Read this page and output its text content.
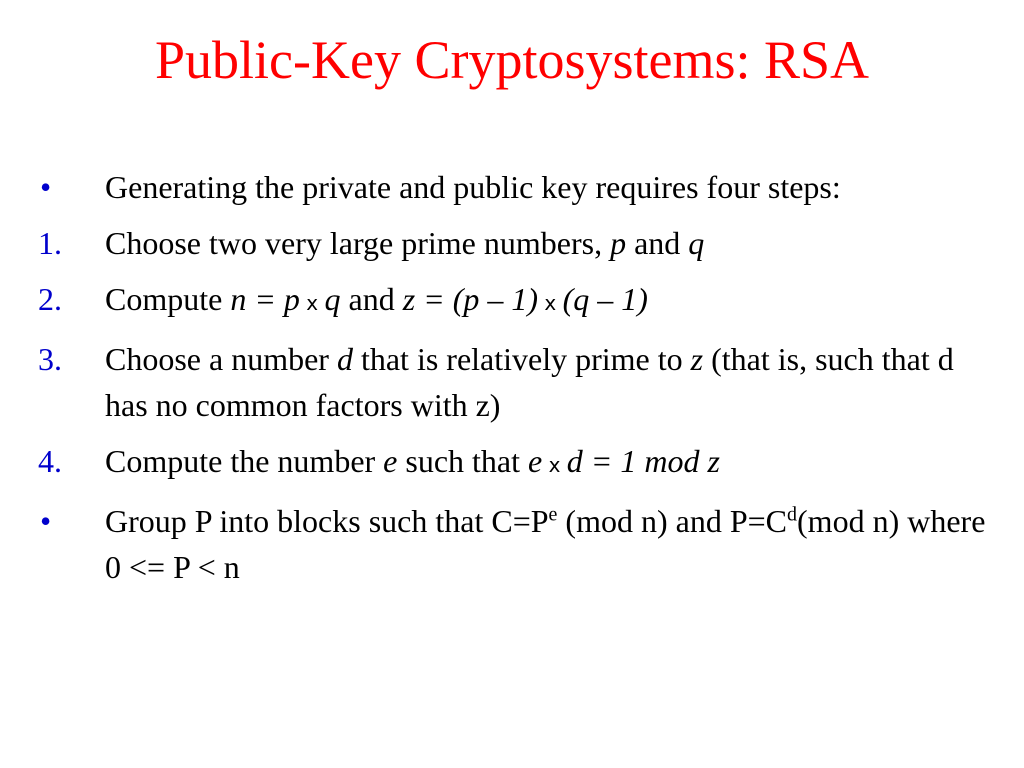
Public-Key Cryptosystems: RSA
• Generating the private and public key requires four steps:
1. Choose two very large prime numbers, p and q
2. Compute n = p x q and z = (p – 1) x (q – 1)
3. Choose a number d that is relatively prime to z (that is, such that d has no common factors with z)
4. Compute the number e such that e x d = 1 mod z
• Group P into blocks such that $C=P^e$ (mod n) and $P=C^d(mod$ n) where 0 <= P < n
